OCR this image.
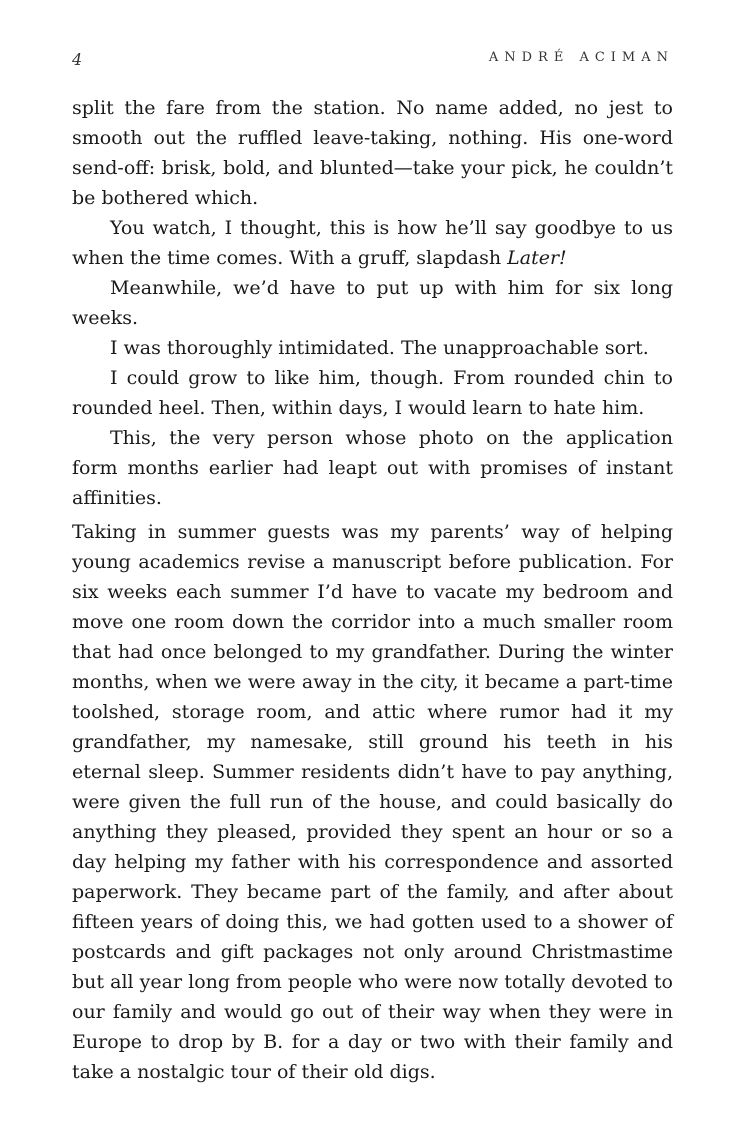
4	ANDRÉ ACIMAN

split the fare from the station. No name added, no jest to smooth out the ruffled leave-taking, nothing. His one-word send-off: brisk, bold, and blunted—take your pick, he couldn’t be bothered which.

You watch, I thought, this is how he’ll say goodbye to us when the time comes. With a gruff, slapdash Later!

Meanwhile, we’d have to put up with him for six long weeks.

I was thoroughly intimidated. The unapproachable sort.

I could grow to like him, though. From rounded chin to rounded heel. Then, within days, I would learn to hate him.

This, the very person whose photo on the application form months earlier had leapt out with promises of instant affinities.

Taking in summer guests was my parents’ way of helping young academics revise a manuscript before publication. For six weeks each summer I’d have to vacate my bedroom and move one room down the corridor into a much smaller room that had once belonged to my grandfather. During the winter months, when we were away in the city, it became a part-time toolshed, storage room, and attic where rumor had it my grandfather, my namesake, still ground his teeth in his eternal sleep. Summer residents didn’t have to pay anything, were given the full run of the house, and could basically do anything they pleased, provided they spent an hour or so a day helping my father with his correspondence and assorted paperwork. They became part of the family, and after about fifteen years of doing this, we had gotten used to a shower of postcards and gift packages not only around Christmastime but all year long from people who were now totally devoted to our family and would go out of their way when they were in Europe to drop by B. for a day or two with their family and take a nostalgic tour of their old digs.
